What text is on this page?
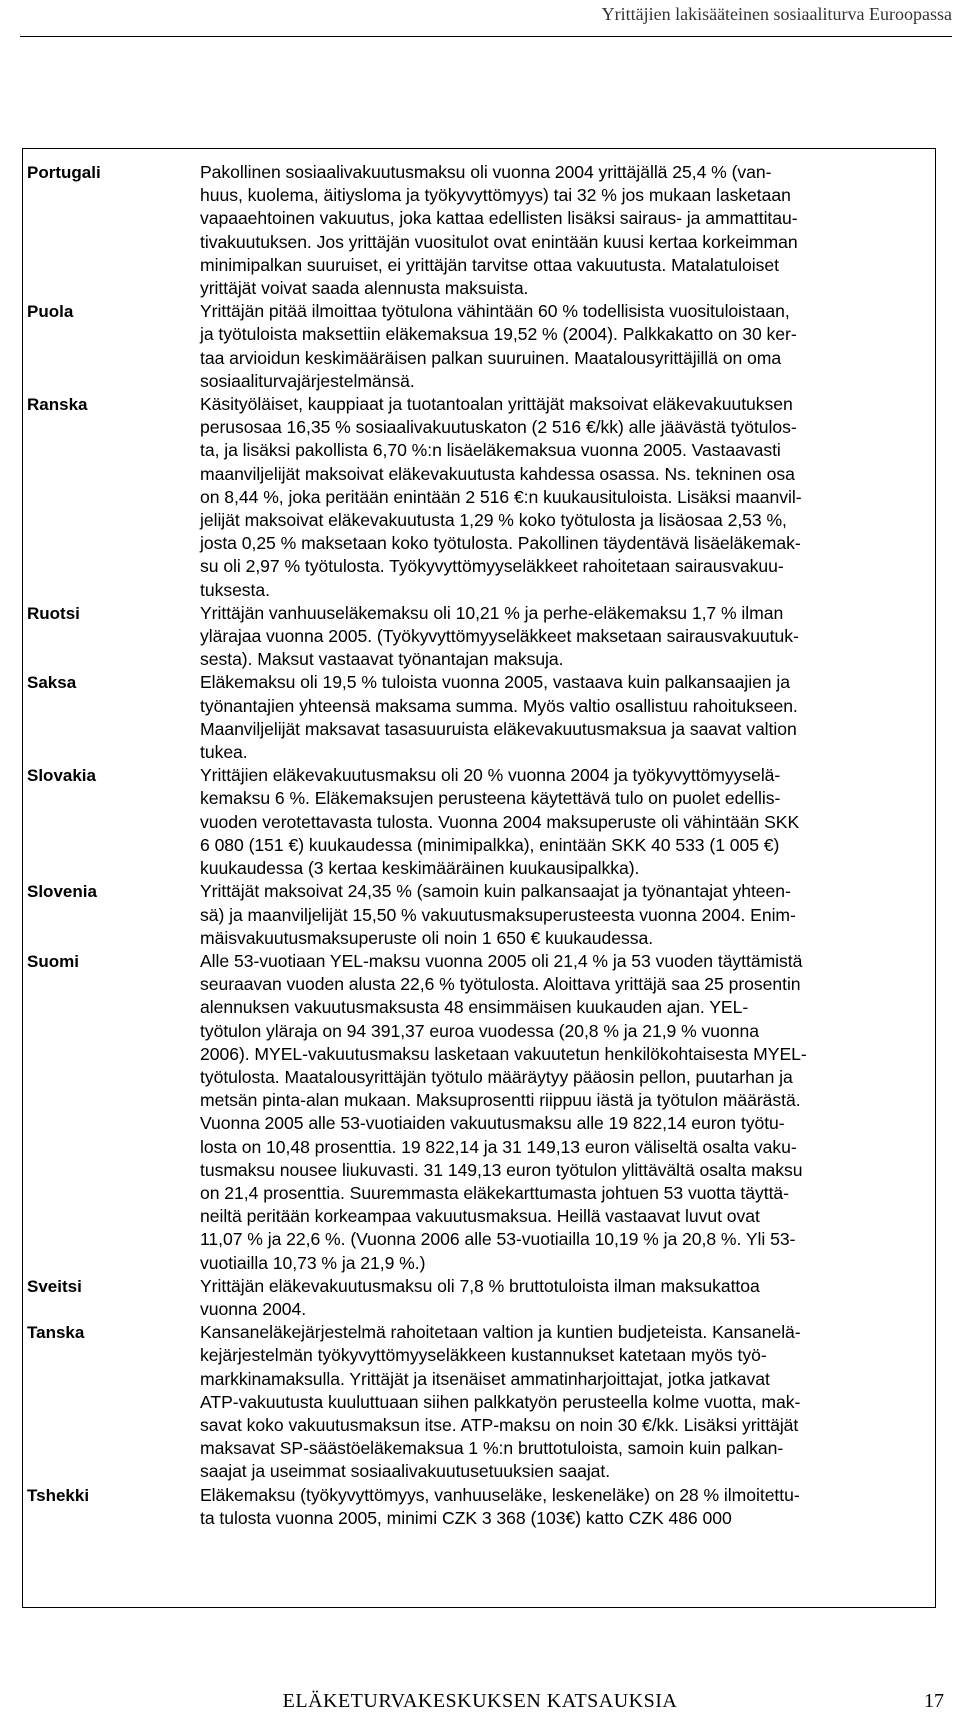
Yrittäjien lakisääteinen sosiaaliturva Euroopassa
Portugali	Pakollinen sosiaalivakuutusmaksu oli vuonna 2004 yrittäjällä 25,4 % (van-
huus, kuolema, äitiysloma ja työkyvyttömyys) tai 32 % jos mukaan lasketaan
vapaaehtoinen vakuutus, joka kattaa edellisten lisäksi sairaus- ja ammattitau-
tivakuutuksen. Jos yrittäjän vuositulot ovat enintään kuusi kertaa korkeimman
minimipalkan suuruiset, ei yrittäjän tarvitse ottaa vakuutusta. Matalatuloiset
yrittäjät voivat saada alennusta maksuista.
Puola	Yrittäjän pitää ilmoittaa työtulona vähintään 60 % todellisista vuosituloistaan,
ja työtuloista maksettiin eläkemaksua 19,52 % (2004). Palkkakatto on 30 ker-
taa arvioidun keskimääräisen palkan suuruinen. Maatalousyrittäjillä on oma
sosiaaliturvajärjestelmänsä.
Ranska	Käsityöläiset, kauppiaat ja tuotantoalan yrittäjät maksoivat eläkevakuutuksen
perusosaa 16,35 % sosiaalivakuutuskaton (2 516 €/kk) alle jäävästä työtulos-
ta, ja lisäksi pakollista 6,70 %:n lisäeläkemaksua vuonna 2005. Vastaavasti
maanviljelijät maksoivat eläkevakuutusta kahdessa osassa. Ns. tekninen osa
on 8,44 %, joka peritään enintään 2 516 €:n kuukausituloista. Lisäksi maanvil-
jelijät maksoivat eläkevakuutusta 1,29 % koko työtulosta ja lisäosaa 2,53 %,
josta 0,25 % maksetaan koko työtulosta. Pakollinen täydentävä lisäeläkemak-
su oli 2,97 % työtulosta. Työkyvyttömyyseläkkeet rahoitetaan sairausvakuu-
tuksesta.
Ruotsi	Yrittäjän vanhuuseläkemaksu oli 10,21 % ja perhe-eläkemaksu 1,7 % ilman
ylärajaa vuonna 2005. (Työkyvyttömyyseläkkeet maksetaan sairausvakuutuk-
sesta). Maksut vastaavat työnantajan maksuja.
Saksa	Eläkemaksu oli 19,5 % tuloista vuonna 2005, vastaava kuin palkansaajien ja
työnantajien yhteensä maksama summa. Myös valtio osallistuu rahoitukseen.
Maanviljelijät maksavat tasasuuruista eläkevakuutusmaksua ja saavat valtion
tukea.
Slovakia	Yrittäjien eläkevakuutusmaksu oli 20 % vuonna 2004 ja työkyvyttömyyselä-
kemaksu 6 %. Eläkemaksujen perusteena käytettävä tulo on puolet edellis-
vuoden verotettavasta tulosta. Vuonna 2004 maksuperuste oli vähintään SKK
6 080 (151 €) kuukaudessa (minimipalkka), enintään SKK 40 533 (1 005 €)
kuukaudessa (3 kertaa keskimääräinen kuukausipalkka).
Slovenia	Yrittäjät maksoivat 24,35 % (samoin kuin palkansaajat ja työnantajat yhteen-
sä) ja maanviljelijät 15,50 % vakuutusmaksuperusteesta vuonna 2004. Enim-
mäisvakuutusmaksuperuste oli noin 1 650 € kuukaudessa.
Suomi	Alle 53-vuotiaan YEL-maksu vuonna 2005 oli 21,4 % ja 53 vuoden täyttämistä
seuraavan vuoden alusta 22,6 % työtulosta. Aloittava yrittäjä saa 25 prosentin
alennuksen vakuutusmaksusta 48 ensimmäisen kuukauden ajan. YEL-
työtulon yläraja on 94 391,37 euroa vuodessa (20,8 % ja 21,9 % vuonna
2006). MYEL-vakuutusmaksu lasketaan vakuutetun henkilökohtaisesta MYEL-
työtulosta. Maatalousyrittäjän työtulo määräytyy pääosin pellon, puutarhan ja
metsän pinta-alan mukaan. Maksuprosentti riippuu iästä ja työtulon määrästä.
Vuonna 2005 alle 53-vuotiaiden vakuutusmaksu alle 19 822,14 euron työtu-
losta on 10,48 prosenttia. 19 822,14 ja 31 149,13 euron väliseltä osalta vaku-
tusmaksu nousee liukuvasti. 31 149,13 euron työtulon ylittävältä osalta maksu
on 21,4 prosenttia. Suuremmasta eläkekarttumasta johtuen 53 vuotta täyttä-
neiltä peritään korkeampaa vakuutusmaksua. Heillä vastaavat luvut ovat
11,07 % ja 22,6 %. (Vuonna 2006 alle 53-vuotiailla 10,19 % ja 20,8 %. Yli 53-
vuotiailla 10,73 % ja 21,9 %.)
Sveitsi	Yrittäjän eläkevakuutusmaksu oli 7,8 % bruttotuloista ilman maksukattoa
vuonna 2004.
Tanska	Kansaneläkejärjestelmä rahoitetaan valtion ja kuntien budjeteista. Kansanelä-
kejärjestelmän työkyvyttömyyseläkkeen kustannukset katetaan myös työ-
markkinamaksulla. Yrittäjät ja itsenäiset ammatinharjoittajat, jotka jatkavat
ATP-vakuutusta kuuluttuaan siihen palkkatyön perusteella kolme vuotta, mak-
savat koko vakuutusmaksun itse. ATP-maksu on noin 30 €/kk. Lisäksi yrittäjät
maksavat SP-säästöeläkemaksua 1 %:n bruttotuloista, samoin kuin palkan-
saajat ja useimmat sosiaalivakuutusetuuksien saajat.
Tshekki	Eläkemaksu (työkyvyttömyys, vanhuuseläke, leskeneläke) on 28 % ilmoitettu-
ta tulosta vuonna 2005, minimi CZK 3 368 (103€) katto CZK 486 000
ELÄKETURVAKESKUKSEN KATSAUKSIA	17
